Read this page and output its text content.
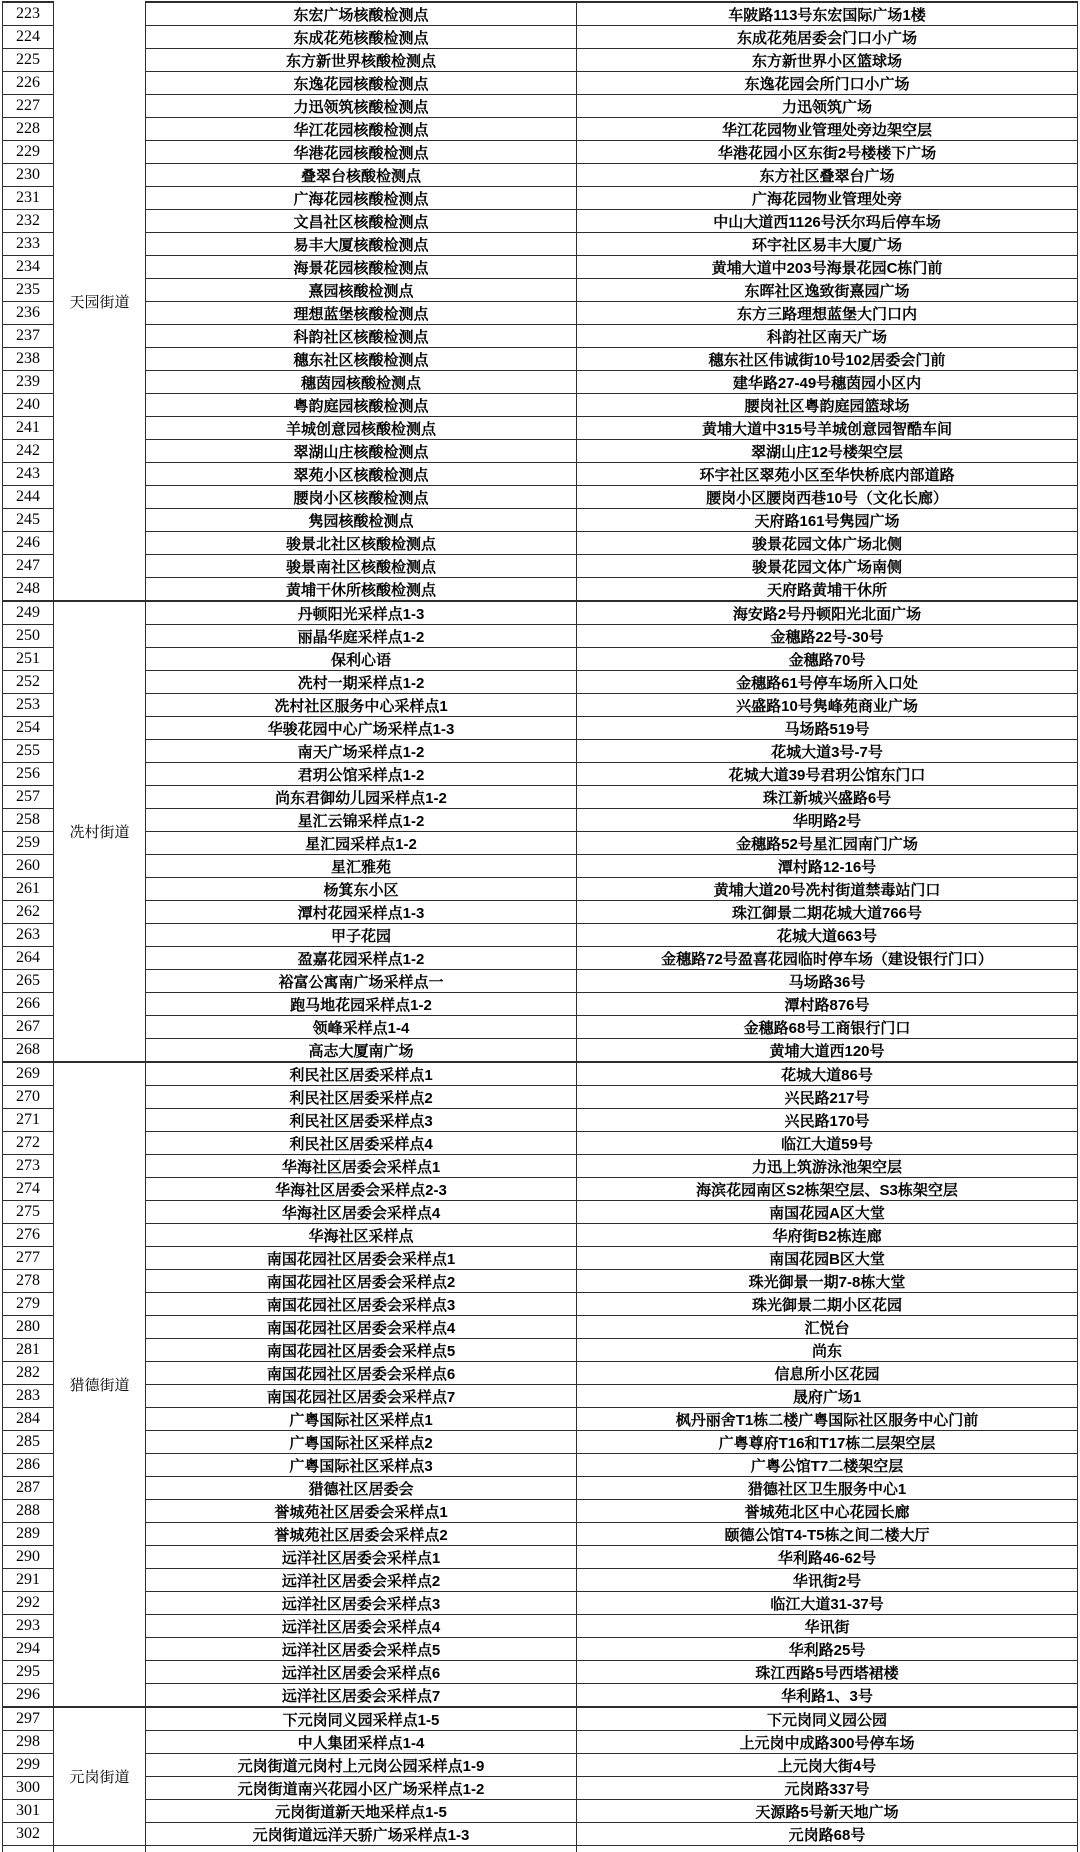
223	天园街道	东宏广场核酸检测点	车陂路113号东宏国际广场1楼
224		东成花苑核酸检测点	东成花苑居委会门口小广场
225		东方新世界核酸检测点	东方新世界小区篮球场
226		东逸花园核酸检测点	东逸花园会所门口小广场
227		力迅领筑核酸检测点	力迅领筑广场
228		华江花园核酸检测点	华江花园物业管理处旁边架空层
229		华港花园核酸检测点	华港花园小区东街2号楼楼下广场
230		叠翠台核酸检测点	东方社区叠翠台广场
231		广海花园核酸检测点	广海花园物业管理处旁
232		文昌社区核酸检测点	中山大道西1126号沃尔玛后停车场
233		易丰大厦核酸检测点	环宇社区易丰大厦广场
234		海景花园核酸检测点	黄埔大道中203号海景花园C栋门前
235		熹园核酸检测点	东晖社区逸致街熹园广场
236		理想蓝堡核酸检测点	东方三路理想蓝堡大门口内
237		科韵社区核酸检测点	科韵社区南天广场
238		穗东社区核酸检测点	穗东社区伟诚街10号102居委会门前
239		穗茵园核酸检测点	建华路27-49号穗茵园小区内
240		粤韵庭园核酸检测点	腰岗社区粤韵庭园篮球场
241		羊城创意园核酸检测点	黄埔大道中315号羊城创意园智酷车间
242		翠湖山庄核酸检测点	翠湖山庄12号楼架空层
243		翠苑小区核酸检测点	环宇社区翠苑小区至华快桥底内部道路
244		腰岗小区核酸检测点	腰岗小区腰岗西巷10号（文化长廊）
245		隽园核酸检测点	天府路161号隽园广场
246		骏景北社区核酸检测点	骏景花园文体广场北侧
247		骏景南社区核酸检测点	骏景花园文体广场南侧
248		黄埔干休所核酸检测点	天府路黄埔干休所
249	冼村街道	丹顿阳光采样点1-3	海安路2号丹顿阳光北面广场
250		丽晶华庭采样点1-2	金穗路22号-30号
251		保利心语	金穗路70号
252		冼村一期采样点1-2	金穗路61号停车场所入口处
253		冼村社区服务中心采样点1	兴盛路10号隽峰苑商业广场
254		华骏花园中心广场采样点1-3	马场路519号
255		南天广场采样点1-2	花城大道3号-7号
256		君玥公馆采样点1-2	花城大道39号君玥公馆东门口
257		尚东君御幼儿园采样点1-2	珠江新城兴盛路6号
258		星汇云锦采样点1-2	华明路2号
259		星汇园采样点1-2	金穗路52号星汇园南门广场
260		星汇雅苑	潭村路12-16号
261		杨箕东小区	黄埔大道20号冼村街道禁毒站门口
262		潭村花园采样点1-3	珠江御景二期花城大道766号
263		甲子花园	花城大道663号
264		盈嘉花园采样点1-2	金穗路72号盈喜花园临时停车场（建设银行门口）
265		裕富公寓南广场采样点一	马场路36号
266		跑马地花园采样点1-2	潭村路876号
267		领峰采样点1-4	金穗路68号工商银行门口
268		高志大厦南广场	黄埔大道西120号
269	猎德街道	利民社区居委采样点1	花城大道86号
270		利民社区居委采样点2	兴民路217号
271		利民社区居委采样点3	兴民路170号
272		利民社区居委采样点4	临江大道59号
273		华海社区居委会采样点1	力迅上筑游泳池架空层
274		华海社区居委会采样点2-3	海滨花园南区S2栋架空层、S3栋架空层
275		华海社区居委会采样点4	南国花园A区大堂
276		华海社区采样点	华府街B2栋连廊
277		南国花园社区居委会采样点1	南国花园B区大堂
278		南国花园社区居委会采样点2	珠光御景一期7-8栋大堂
279		南国花园社区居委会采样点3	珠光御景二期小区花园
280		南国花园社区居委会采样点4	汇悦台
281		南国花园社区居委会采样点5	尚东
282		南国花园社区居委会采样点6	信息所小区花园
283		南国花园社区居委会采样点7	晟府广场1
284		广粤国际社区采样点1	枫丹丽舍T1栋二楼广粤国际社区服务中心门前
285		广粤国际社区采样点2	广粤尊府T16和T17栋二层架空层
286		广粤国际社区采样点3	广粤公馆T7二楼架空层
287		猎德社区居委会	猎德社区卫生服务中心1
288		誉城苑社区居委会采样点1	誉城苑北区中心花园长廊
289		誉城苑社区居委会采样点2	颐德公馆T4-T5栋之间二楼大厅
290		远洋社区居委会采样点1	华利路46-62号
291		远洋社区居委会采样点2	华讯街2号
292		远洋社区居委会采样点3	临江大道31-37号
293		远洋社区居委会采样点4	华讯街
294		远洋社区居委会采样点5	华利路25号
295		远洋社区居委会采样点6	珠江西路5号西塔裙楼
296		远洋社区居委会采样点7	华利路1、3号
297	元岗街道	下元岗同义园采样点1-5	下元岗同义园公园
298		中人集团采样点1-4	上元岗中成路300号停车场
299		元岗街道元岗村上元岗公园采样点1-9	上元岗大街4号
300		元岗街道南兴花园小区广场采样点1-2	元岗路337号
301		元岗街道新天地采样点1-5	天源路5号新天地广场
302		元岗街道远洋天骄广场采样点1-3	元岗路68号
